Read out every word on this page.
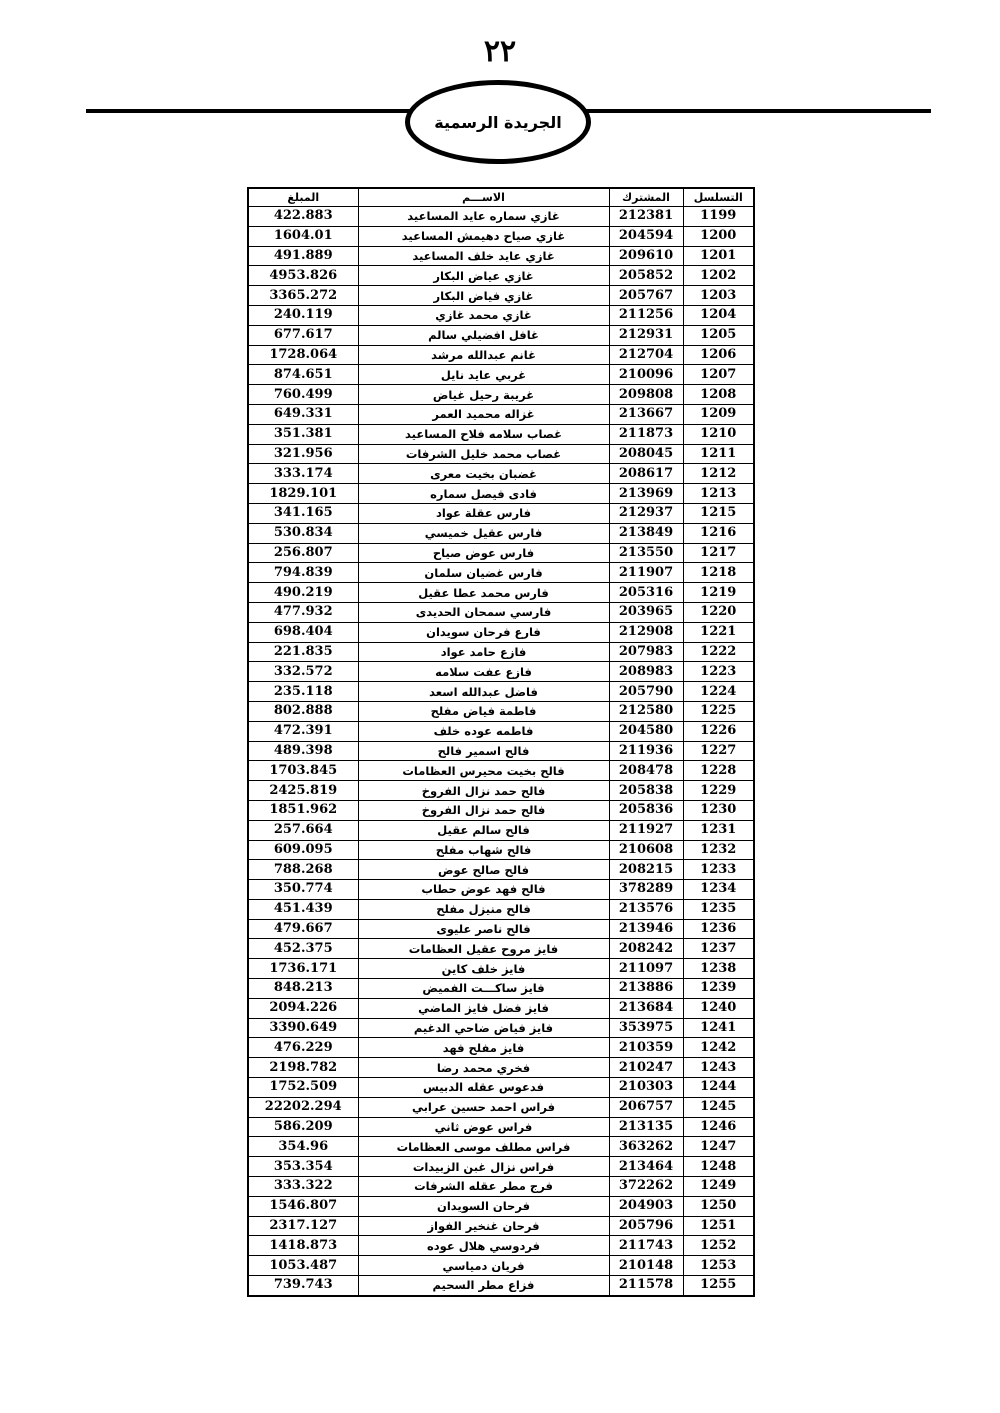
٢٢
الجريدة الرسمية
التسلسل	المشترك	الاســـم	المبلغ
1199	212381	غازي سماره عايد المساعيد	422.883
1200	204594	غازي صياح دهيمش المساعيد	1604.01
1201	209610	غازي عايد خلف المساعيد	491.889
1202	205852	غازي عياض البكار	4953.826
1203	205767	غازي فياض البكار	3365.272
1204	211256	غازي محمد غازي	240.119
1205	212931	غافل افضيلي سالم	677.617
1206	212704	غانم عبدالله مرشد	1728.064
1207	210096	غربي عايد نايل	874.651
1208	209808	غريبة رحيل غياض	760.499
1209	213667	غزاله محميد العمر	649.331
1210	211873	غصاب سلامه فلاح المساعيد	351.381
1211	208045	غصاب محمد خليل الشرفات	321.956
1212	208617	غضبان بخيت معرى	333.174
1213	213969	فادى فيصل سماره	1829.101
1215	212937	فارس عقلة عواد	341.165
1216	213849	فارس عقيل خميسي	530.834
1217	213550	فارس عوض صياح	256.807
1218	211907	فارس غضيان سلمان	794.839
1219	205316	فارس محمد عطا عقيل	490.219
1220	203965	فارسي سمحان الحديدى	477.932
1221	212908	فارع فرحان سويدان	698.404
1222	207983	فازع حامد عواد	221.835
1223	208983	فازع عفت سلامه	332.572
1224	205790	فاضل عبدالله اسعد	235.118
1225	212580	فاطمة فياض مفلح	802.888
1226	204580	فاطمه عوده خلف	472.391
1227	211936	فالح اسمير فالح	489.398
1228	208478	فالح بخيت محيرس العظامات	1703.845
1229	205838	فالح حمد نزال الفروخ	2425.819
1230	205836	فالح حمد نزال الفروخ	1851.962
1231	211927	فالح سالم عقيل	257.664
1232	210608	فالح شهاب مفلح	609.095
1233	208215	فالح صالح عوض	788.268
1234	378289	فالح فهد عوض حطاب	350.774
1235	213576	فالح منيزل مفلح	451.439
1236	213946	فالح ناصر عليوى	479.667
1237	208242	فايز مروح عقيل العظامات	452.375
1238	211097	فايز خلف كاين	1736.171
1239	213886	فايز ساكـــت الفميض	848.213
1240	213684	فايز فضل فايز الماضي	2094.226
1241	353975	فايز فياض ضاحي الدغيم	3390.649
1242	210359	فايز مفلح فهد	476.229
1243	210247	فخري محمد رضا	2198.782
1244	210303	فدعوس عقله الدبيس	1752.509
1245	206757	فراس احمد حسين عرابي	22202.294
1246	213135	فراس عوض ثاني	586.209
1247	363262	فراس مطلف موسى العظامات	354.96
1248	213464	فراس نزال غبن الزبيدات	353.354
1249	372262	فرج مطر عقله الشرفات	333.322
1250	204903	فرحان السويدان	1546.807
1251	205796	فرحان غنخير الفواز	2317.127
1252	211743	فردوسي هلال عوده	1418.873
1253	210148	فريان دمياسي	1053.487
1255	211578	فزاع مطر السحيم	739.743
